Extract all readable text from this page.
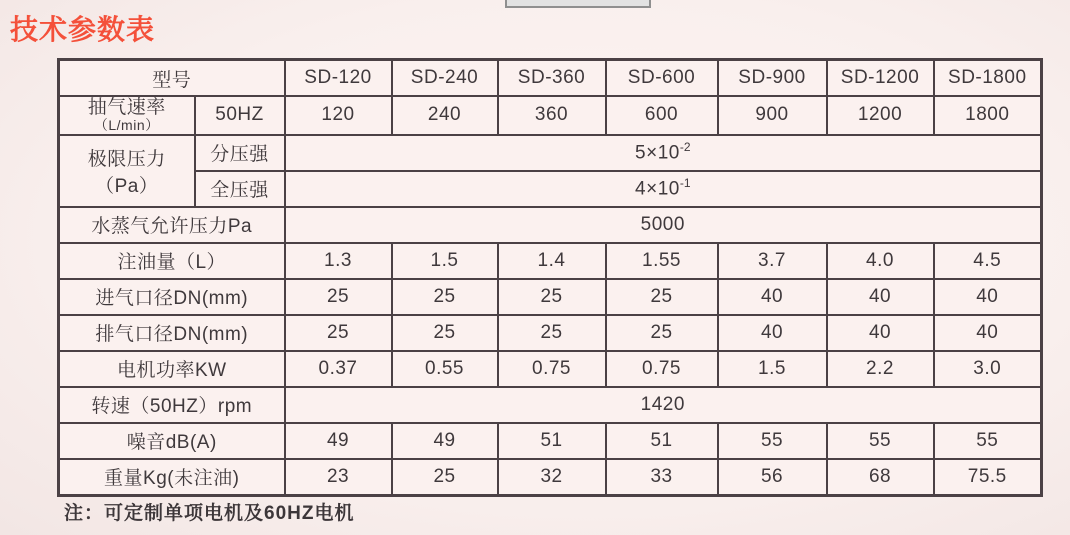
技术参数表
型号		SD-120	SD-240	SD-360	SD-600	SD-900	SD-1200	SD-1800

抽气速率
（L/min）	50HZ	120	240	360	600	900	1200	1800
极限压力（Pa）	分压强	$5\times 10^{-2}$
	全压强	$4\times 10^{-1}$
水蒸气允许压力Pa		5000						
注油量（L）		1.3	1.5	1.4	1.55	3.7	4.0	4.5
进气口径DN(mm)		25	25	25	25	40	40	40
排气口径DN(mm)		25	25	25	25	40	40	40
电机功率KW		0.37	0.55	0.75	0.75	1.5	2.2	3.0
转速（50HZ）rpm		1420						
噪音dB(A)		49	49	51	51	55	55	55
重量Kg(未注油)		23	25	32	33	56	68	75.5
注：可定制单项电机及60HZ电机
